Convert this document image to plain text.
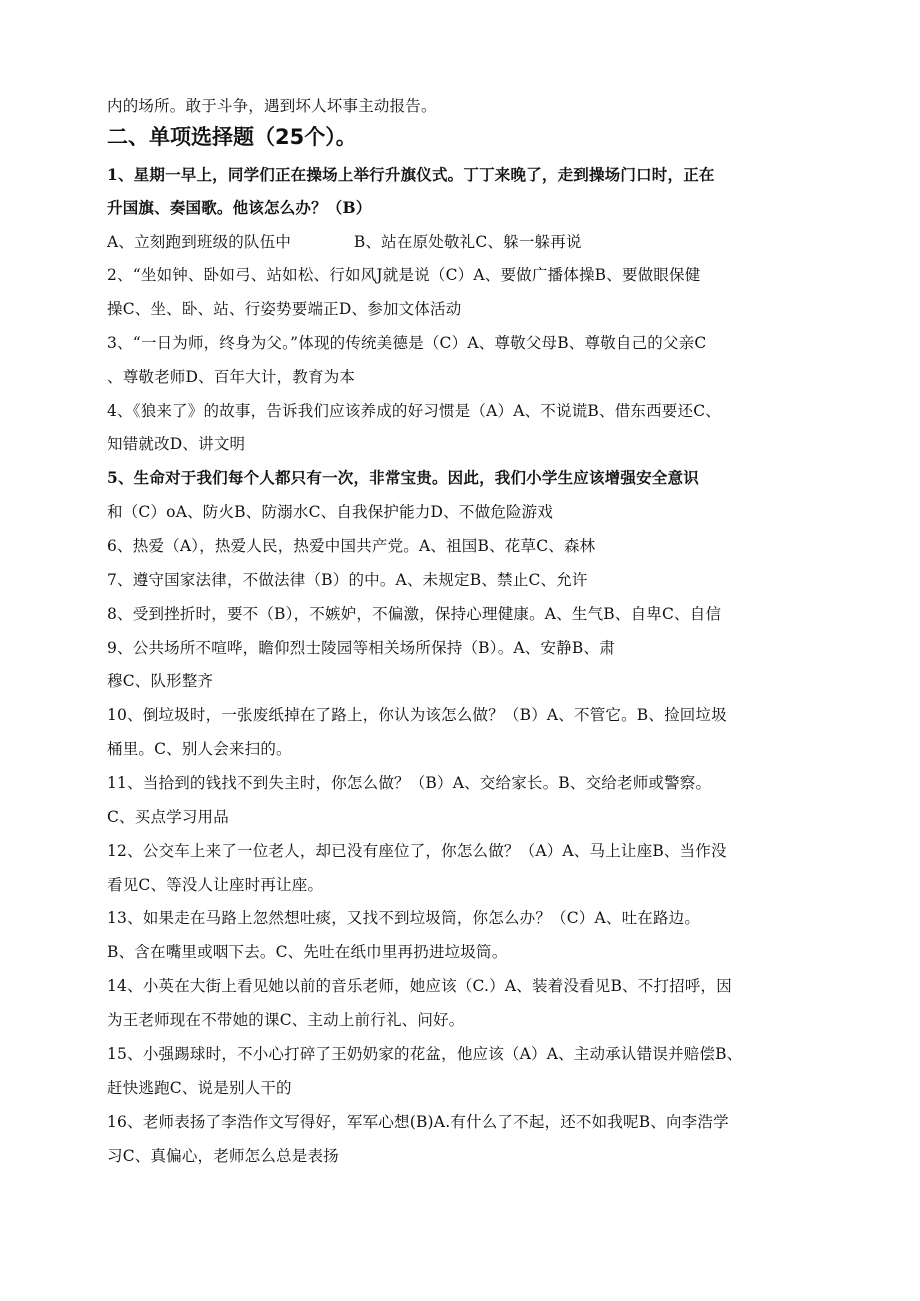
内的场所。敢于斗争，遇到坏人坏事主动报告。
二、单项选择题（25个）。
1、星期一早上，同学们正在操场上举行升旗仪式。丁丁来晚了，走到操场门口时，正在
升国旗、奏国歌。他该怎么办？（B）
A、立刻跑到班级的队伍中　　　　B、站在原处敬礼C、躲一躲再说
2、“坐如钟、卧如弓、站如松、行如风J就是说（C）A、要做广播体操B、要做眼保健
操C、坐、卧、站、行姿势要端正D、参加文体活动
3、“一日为师，终身为父。”体现的传统美德是（C）A、尊敬父母B、尊敬自己的父亲C
、尊敬老师D、百年大计，教育为本
4、《狼来了》的故事，告诉我们应该养成的好习惯是（A）A、不说谎B、借东西要还C、
知错就改D、讲文明
5、生命对于我们每个人都只有一次，非常宝贵。因此，我们小学生应该增强安全意识
和（C）oA、防火B、防溺水C、自我保护能力D、不做危险游戏
6、热爱（A），热爱人民，热爱中国共产党。A、祖国B、花草C、森林
7、遵守国家法律，不做法律（B）的中。A、未规定B、禁止C、允许
8、受到挫折时，要不（B），不嫉妒，不偏激，保持心理健康。A、生气B、自卑C、自信
9、公共场所不喧哗，瞻仰烈士陵园等相关场所保持（B）。A、安静B、肃
穆C、队形整齐
10、倒垃圾时，一张废纸掉在了路上，你认为该怎么做？（B）A、不管它。B、捡回垃圾
桶里。C、别人会来扫的。
11、当拾到的钱找不到失主时，你怎么做？（B）A、交给家长。B、交给老师或警察。
C、买点学习用品
12、公交车上来了一位老人，却已没有座位了，你怎么做？（A）A、马上让座B、当作没
看见C、等没人让座时再让座。
13、如果走在马路上忽然想吐痰，又找不到垃圾筒，你怎么办？（C）A、吐在路边。
B、含在嘴里或咽下去。C、先吐在纸巾里再扔进垃圾筒。
14、小英在大街上看见她以前的音乐老师，她应该（C.）A、装着没看见B、不打招呼，因
为王老师现在不带她的课C、主动上前行礼、问好。
15、小强踢球时，不小心打碎了王奶奶家的花盆，他应该（A）A、主动承认错误并赔偿B、
赶快逃跑C、说是别人干的
16、老师表扬了李浩作文写得好，军军心想(B)A.有什么了不起，还不如我呢B、向李浩学
习C、真偏心，老师怎么总是表扬
